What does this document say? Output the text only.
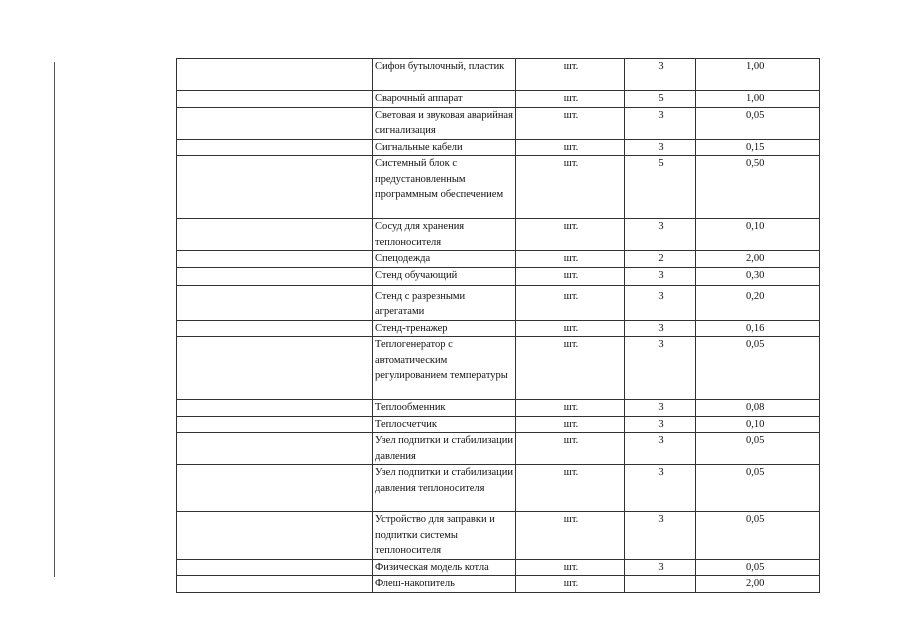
	Сифон бутылочный, пластик	шт.	3	1,00
	Сварочный аппарат	шт.	5	1,00
	Световая и звуковая аварийная сигнализация	шт.	3	0,05
	Сигнальные кабели	шт.	3	0,15
	Системный блок с предустановленным программным обеспечением	шт.	5	0,50
	Сосуд для хранения теплоносителя	шт.	3	0,10
	Спецодежда	шт.	2	2,00
	Стенд обучающий	шт.	3	0,30
	Стенд с разрезными агрегатами	шт.	3	0,20
	Стенд-тренажер	шт.	3	0,16
	Теплогенератор с автоматическим регулированием температуры	шт.	3	0,05
	Теплообменник	шт.	3	0,08
	Теплосчетчик	шт.	3	0,10
	Узел подпитки и стабилизации давления	шт.	3	0,05
	Узел подпитки и стабилизации давления теплоносителя	шт.	3	0,05
	Устройство для заправки и подпитки системы теплоносителя	шт.	3	0,05
	Физическая модель котла	шт.	3	0,05
	Флеш-накопитель	шт.		2,00
